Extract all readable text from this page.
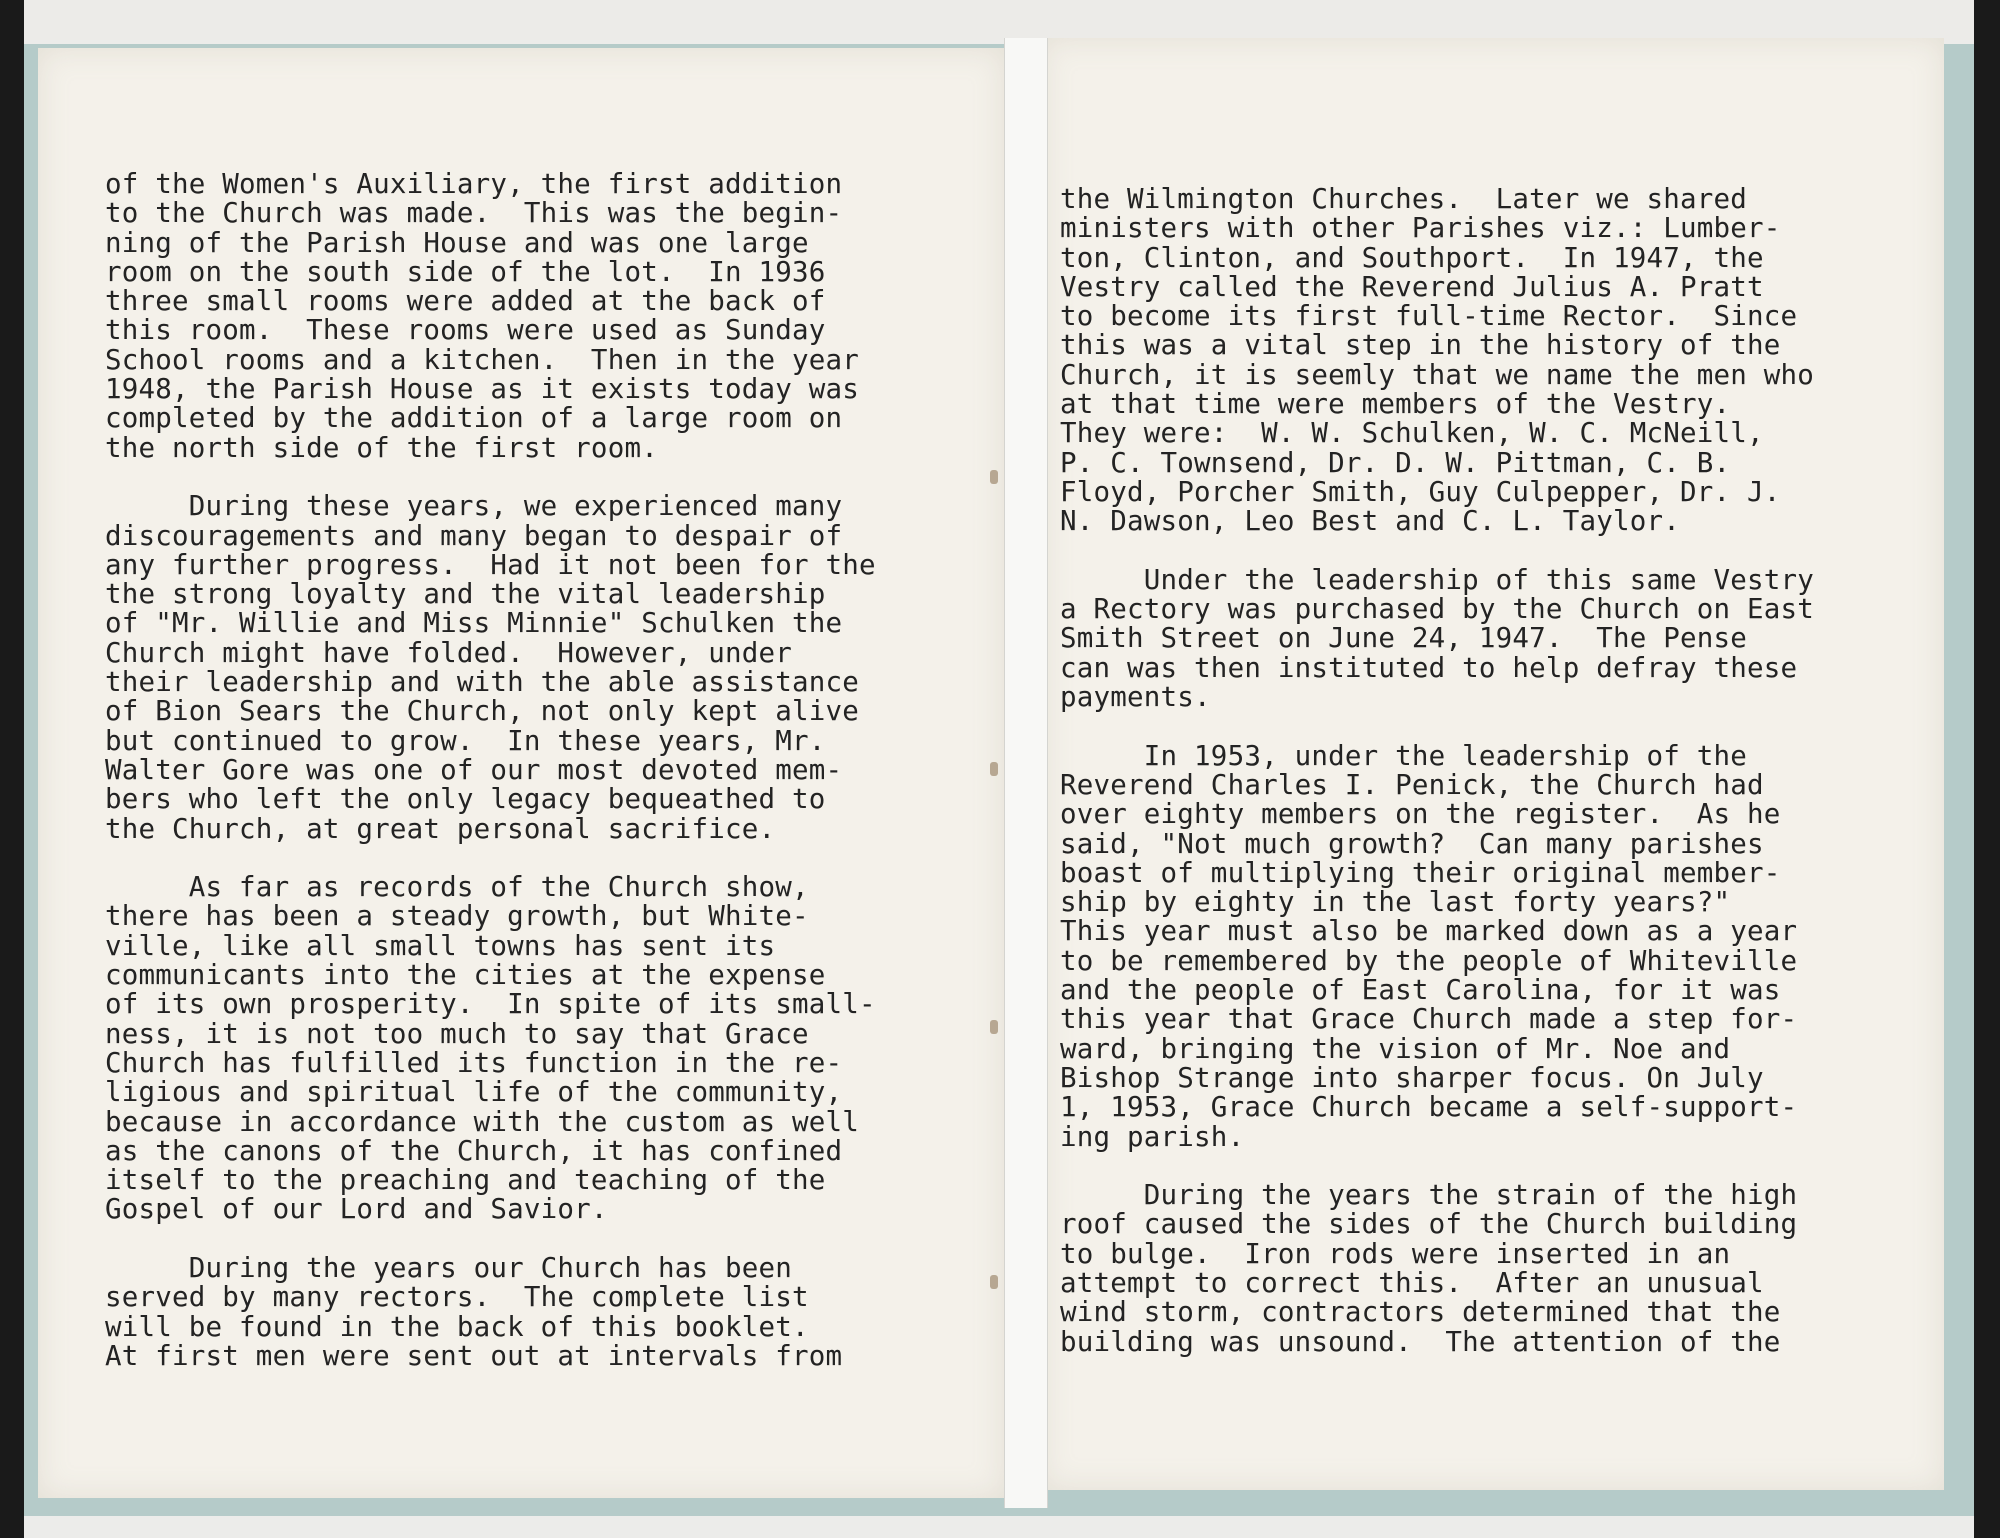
of the Women's Auxiliary, the first addition
to the Church was made.  This was the begin-
ning of the Parish House and was one large
room on the south side of the lot.  In 1936
three small rooms were added at the back of
this room.  These rooms were used as Sunday
School rooms and a kitchen.  Then in the year
1948, the Parish House as it exists today was
completed by the addition of a large room on
the north side of the first room.

During these years, we experienced many
discouragements and many began to despair of
any further progress.  Had it not been for the
the strong loyalty and the vital leadership
of "Mr. Willie and Miss Minnie" Schulken the
Church might have folded.  However, under
their leadership and with the able assistance
of Bion Sears the Church, not only kept alive
but continued to grow.  In these years, Mr.
Walter Gore was one of our most devoted mem-
bers who left the only legacy bequeathed to
the Church, at great personal sacrifice.

As far as records of the Church show,
there has been a steady growth, but White-
ville, like all small towns has sent its
communicants into the cities at the expense
of its own prosperity.  In spite of its small-
ness, it is not too much to say that Grace
Church has fulfilled its function in the re-
ligious and spiritual life of the community,
because in accordance with the custom as well
as the canons of the Church, it has confined
itself to the preaching and teaching of the
Gospel of our Lord and Savior.

During the years our Church has been
served by many rectors.  The complete list
will be found in the back of this booklet.
At first men were sent out at intervals from
the Wilmington Churches.  Later we shared
ministers with other Parishes viz.: Lumber-
ton, Clinton, and Southport.  In 1947, the
Vestry called the Reverend Julius A. Pratt
to become its first full-time Rector.  Since
this was a vital step in the history of the
Church, it is seemly that we name the men who
at that time were members of the Vestry.
They were:  W. W. Schulken, W. C. McNeill,
P. C. Townsend, Dr. D. W. Pittman, C. B.
Floyd, Porcher Smith, Guy Culpepper, Dr. J.
N. Dawson, Leo Best and C. L. Taylor.

Under the leadership of this same Vestry
a Rectory was purchased by the Church on East
Smith Street on June 24, 1947.  The Pense
can was then instituted to help defray these
payments.

In 1953, under the leadership of the
Reverend Charles I. Penick, the Church had
over eighty members on the register.  As he
said, "Not much growth?  Can many parishes
boast of multiplying their original member-
ship by eighty in the last forty years?"
This year must also be marked down as a year
to be remembered by the people of Whiteville
and the people of East Carolina, for it was
this year that Grace Church made a step for-
ward, bringing the vision of Mr. Noe and
Bishop Strange into sharper focus. On July
1, 1953, Grace Church became a self-support-
ing parish.

During the years the strain of the high
roof caused the sides of the Church building
to bulge.  Iron rods were inserted in an
attempt to correct this.  After an unusual
wind storm, contractors determined that the
building was unsound.  The attention of the
